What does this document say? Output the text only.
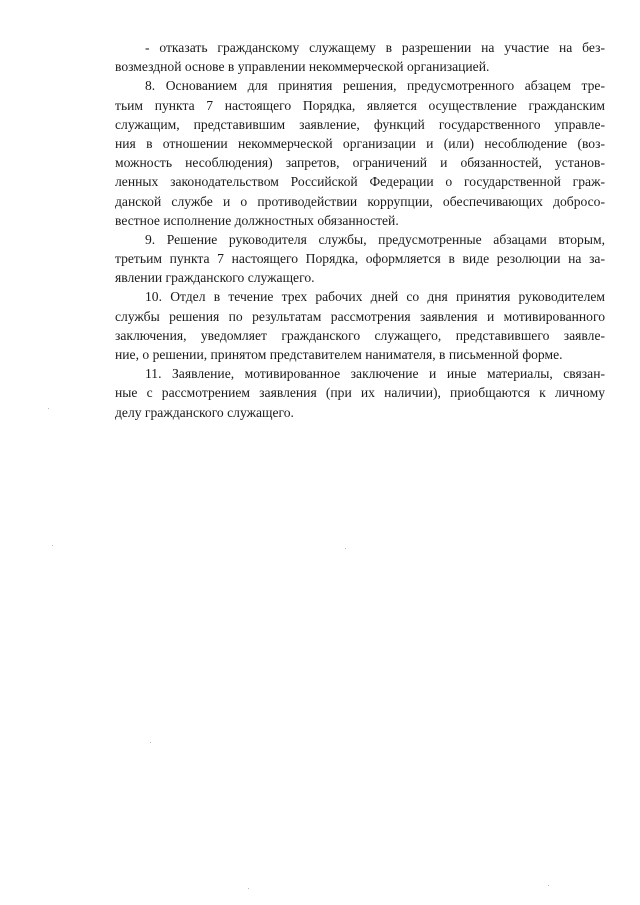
- отказать гражданскому служащему в разрешении на участие на без-
возмездной основе в управлении некоммерческой организацией.
8. Основанием для принятия решения, предусмотренного абзацем тре-
тьим пункта 7 настоящего Порядка, является осуществление гражданским
служащим, представившим заявление, функций государственного управле-
ния в отношении некоммерческой организации и (или) несоблюдение (воз-
можность несоблюдения) запретов, ограничений и обязанностей, установ-
ленных законодательством Российской Федерации о государственной граж-
данской службе и о противодействии коррупции, обеспечивающих добросо-
вестное исполнение должностных обязанностей.
9. Решение руководителя службы, предусмотренные абзацами вторым,
третьим пункта 7 настоящего Порядка, оформляется в виде резолюции на за-
явлении гражданского служащего.
10. Отдел в течение трех рабочих дней со дня принятия руководителем
службы решения по результатам рассмотрения заявления и мотивированного
заключения, уведомляет гражданского служащего, представившего заявле-
ние, о решении, принятом представителем нанимателя, в письменной форме.
11. Заявление, мотивированное заключение и иные материалы, связан-
ные с рассмотрением заявления (при их наличии), приобщаются к личному
делу гражданского служащего.
